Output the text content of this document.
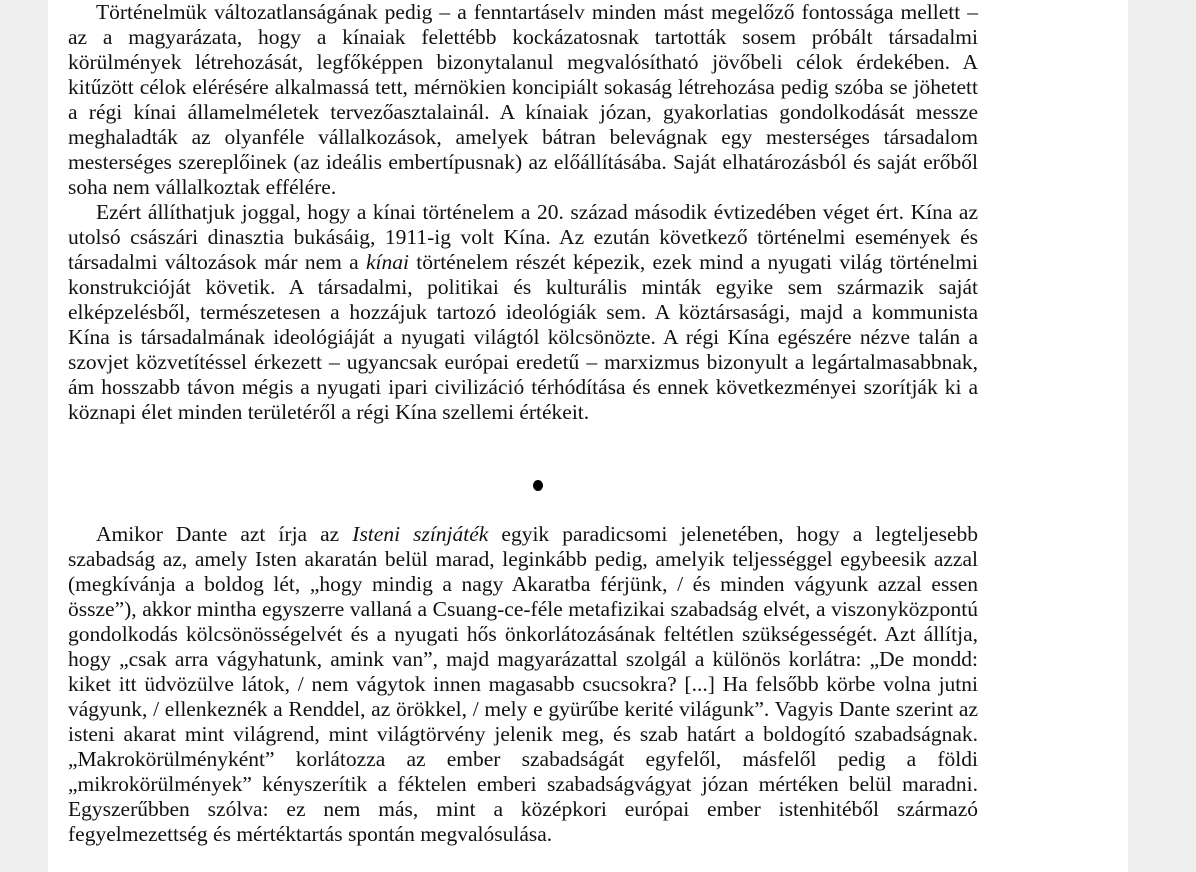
Történelmük változatlanságának pedig – a fenntartáselv minden mást megelőző fontossága mellett – az a magyarázata, hogy a kínaiak felettébb kockázatosnak tartották sosem próbált társadalmi körülmények létrehozását, legfőképpen bizonytalanul megvalósítható jövőbeli célok érdekében. A kitűzött célok elérésére alkalmassá tett, mérnökien koncipiált sokaság létrehozása pedig szóba se jöhetett a régi kínai államelméletek tervezőasztalainál. A kínaiak józan, gyakorlatias gondolkodását messze meghaladták az olyanféle vállalkozások, amelyek bátran belevágnak egy mesterséges társadalom mesterséges szereplőinek (az ideális embertípusnak) az előállításába. Saját elhatározásból és saját erőből soha nem vállalkoztak effélére.

Ezért állíthatjuk joggal, hogy a kínai történelem a 20. század második évtizedében véget ért. Kína az utolsó császári dinasztia bukásáig, 1911-ig volt Kína. Az ezután következő történelmi események és társadalmi változások már nem a kínai történelem részét képezik, ezek mind a nyugati világ történelmi konstrukcióját követik. A társadalmi, politikai és kulturális minták egyike sem származik saját elképzelésből, természetesen a hozzájuk tartozó ideológiák sem. A köztársasági, majd a kommunista Kína is társadalmának ideológiáját a nyugati világtól kölcsönözte. A régi Kína egészére nézve talán a szovjet közvetítéssel érkezett – ugyancsak európai eredetű – marxizmus bizonyult a legártalmasabbnak, ám hosszabb távon mégis a nyugati ipari civilizáció térhódítása és ennek következményei szorítják ki a köznapi élet minden területéről a régi Kína szellemi értékeit.

Amikor Dante azt írja az Isteni színjáték egyik paradicsomi jelenetében, hogy a legteljesebb szabadság az, amely Isten akaratán belül marad, leginkább pedig, amelyik teljességgel egybeesik azzal (megkívánja a boldog lét, „hogy mindig a nagy Akaratba férjünk, / és minden vágyunk azzal essen össze”), akkor mintha egyszerre vallaná a Csuang-ce-féle metafizikai szabadság elvét, a viszonyközpontú gondolkodás kölcsönösségelvét és a nyugati hős önkorlátozásának feltétlen szükségességét. Azt állítja, hogy „csak arra vágyhatunk, amink van”, majd magyarázattal szolgál a különös korlátra: „De mondd: kiket itt üdvözülve látok, / nem vágytok innen magasabb csucsokra? [...] Ha felsőbb körbe volna jutni vágyunk, / ellenkeznék a Renddel, az örökkel, / mely e gyürűbe kerité világunk”. Vagyis Dante szerint az isteni akarat mint világrend, mint világtörvény jelenik meg, és szab határt a boldogító szabadságnak. „Makrokörülményként” korlátozza az ember szabadságát egyfelől, másfelől pedig a földi „mikrokörülmények” kényszerítik a féktelen emberi szabadságvágyat józan mértéken belül maradni. Egyszerűbben szólva: ez nem más, mint a középkori európai ember istenhitéből származó fegyelmezettség és mértéktartás spontán megvalósulása.
